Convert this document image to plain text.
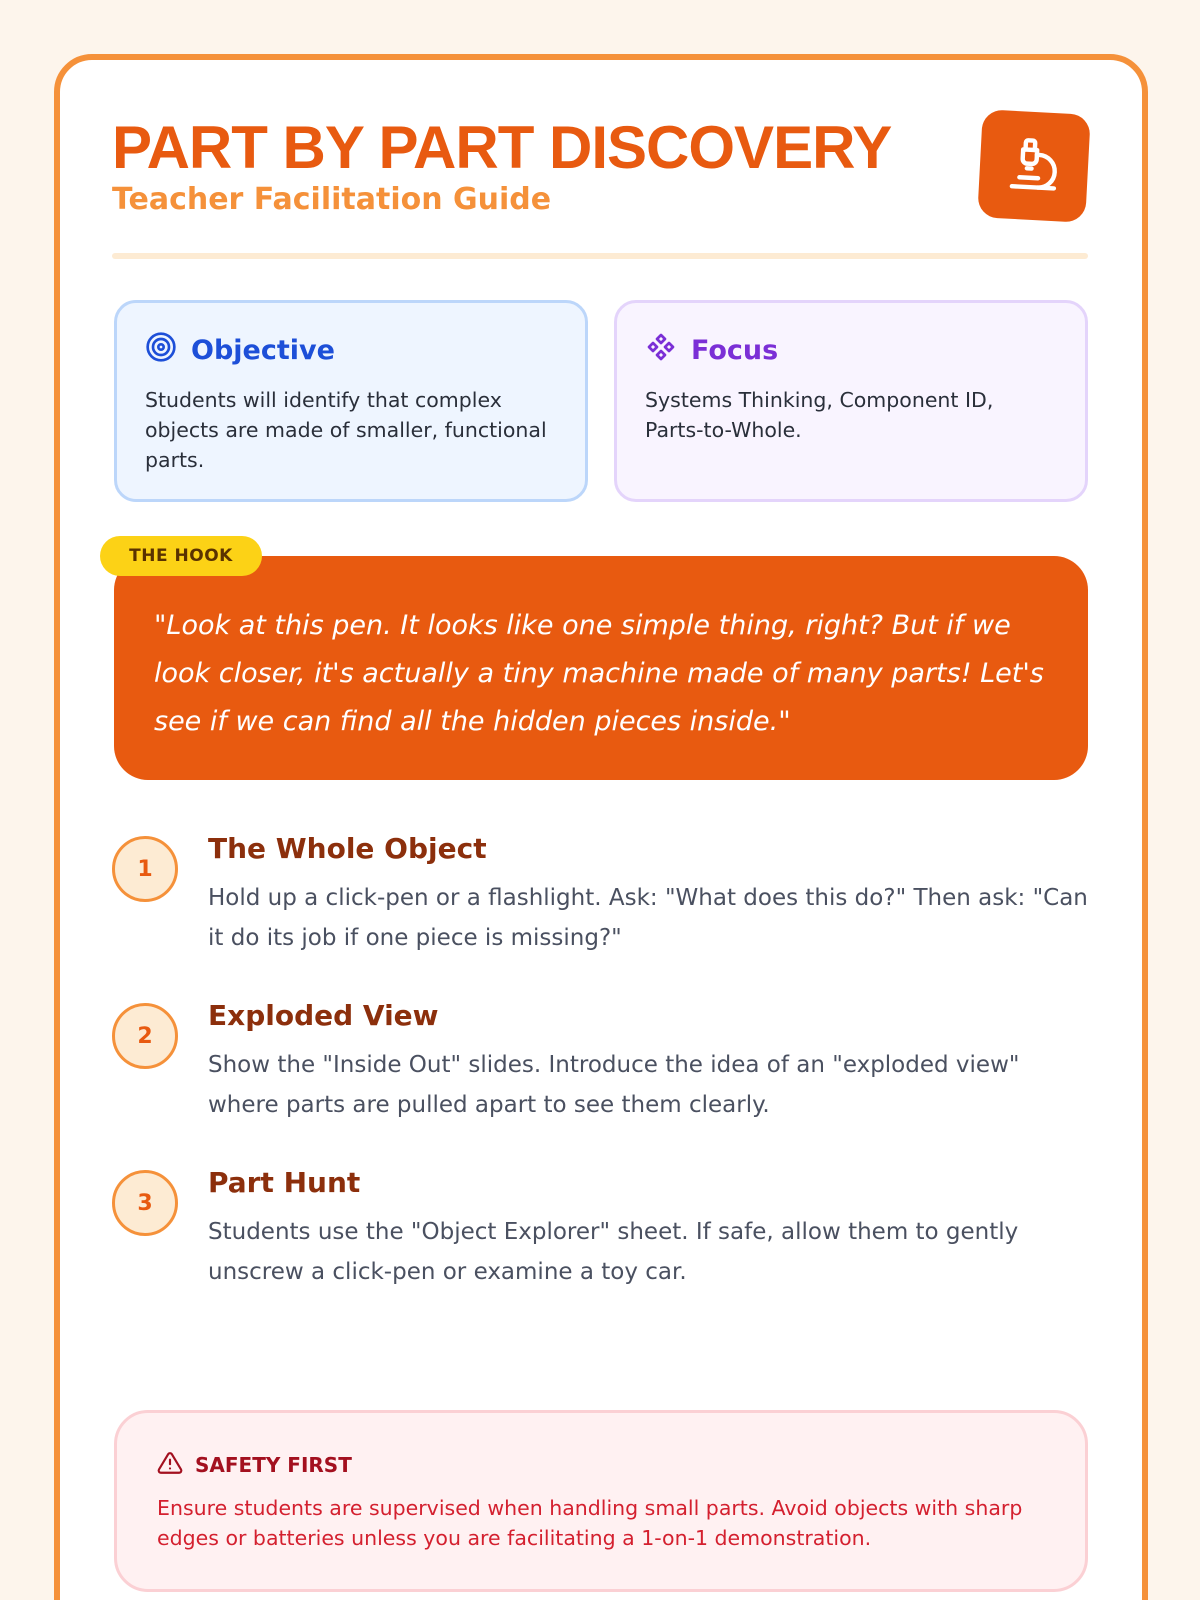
PART BY PART DISCOVERY
Teacher Facilitation Guide
Objective
Students will identify that complex objects are made of smaller, functional parts.
Focus
Systems Thinking, Component ID, Parts-to-Whole.
"Look at this pen. It looks like one simple thing, right? But if we look closer, it's actually a tiny machine made of many parts! Let's see if we can find all the hidden pieces inside."
THE HOOK
1
The Whole Object
Hold up a click-pen or a flashlight. Ask: "What does this do?" Then ask: "Can it do its job if one piece is missing?"
2
Exploded View
Show the "Inside Out" slides. Introduce the idea of an "exploded view" where parts are pulled apart to see them clearly.
3
Part Hunt
Students use the "Object Explorer" sheet. If safe, allow them to gently unscrew a click-pen or examine a toy car.
SAFETY FIRST
Ensure students are supervised when handling small parts. Avoid objects with sharp edges or batteries unless you are facilitating a 1-on-1 demonstration.
